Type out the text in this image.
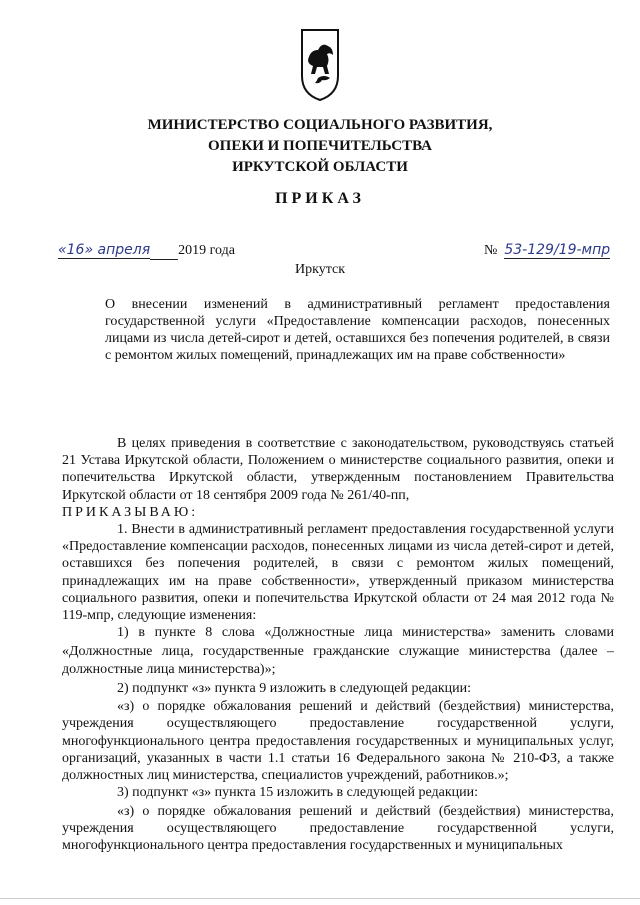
МИНИСТЕРСТВО СОЦИАЛЬНОГО РАЗВИТИЯ,
ОПЕКИ И ПОПЕЧИТЕЛЬСТВА
ИРКУТСКОЙ ОБЛАСТИ
ПРИКАЗ
«16» апреля 2019 года	№ 53-129/19-мпр
Иркутск
О внесении изменений в административный регламент предоставления государственной услуги «Предоставление компенсации расходов, понесенных лицами из числа детей-сирот и детей, оставшихся без попечения родителей, в связи с ремонтом жилых помещений, принадлежащих им на праве собственности»

В целях приведения в соответствие с законодательством, руководствуясь статьей 21 Устава Иркутской области, Положением о министерстве социального развития, опеки и попечительства Иркутской области, утвержденным постановлением Правительства Иркутской области от 18 сентября 2009 года № 261/40-пп,

ПРИКАЗЫВАЮ:

1. Внести в административный регламент предоставления государственной услуги «Предоставление компенсации расходов, понесенных лицами из числа детей-сирот и детей, оставшихся без попечения родителей, в связи с ремонтом жилых помещений, принадлежащих им на праве собственности», утвержденный приказом министерства социального развития, опеки и попечительства Иркутской области от 24 мая 2012 года № 119-мпр, следующие изменения:

1) в пункте 8 слова «Должностные лица министерства» заменить словами «Должностные лица, государственные гражданские служащие министерства (далее – должностные лица министерства)»;

2) подпункт «з» пункта 9 изложить в следующей редакции:

«з) о порядке обжалования решений и действий (бездействия) министерства, учреждения осуществляющего предоставление государственной услуги, многофункционального центра предоставления государственных и муниципальных услуг, организаций, указанных в части 1.1 статьи 16 Федерального закона № 210-ФЗ, а также должностных лиц министерства, специалистов учреждений, работников.»;

3) подпункт «з» пункта 15 изложить в следующей редакции:

«з) о порядке обжалования решений и действий (бездействия) министерства, учреждения осуществляющего предоставление государственной услуги, многофункционального центра предоставления государственных и муниципальных
